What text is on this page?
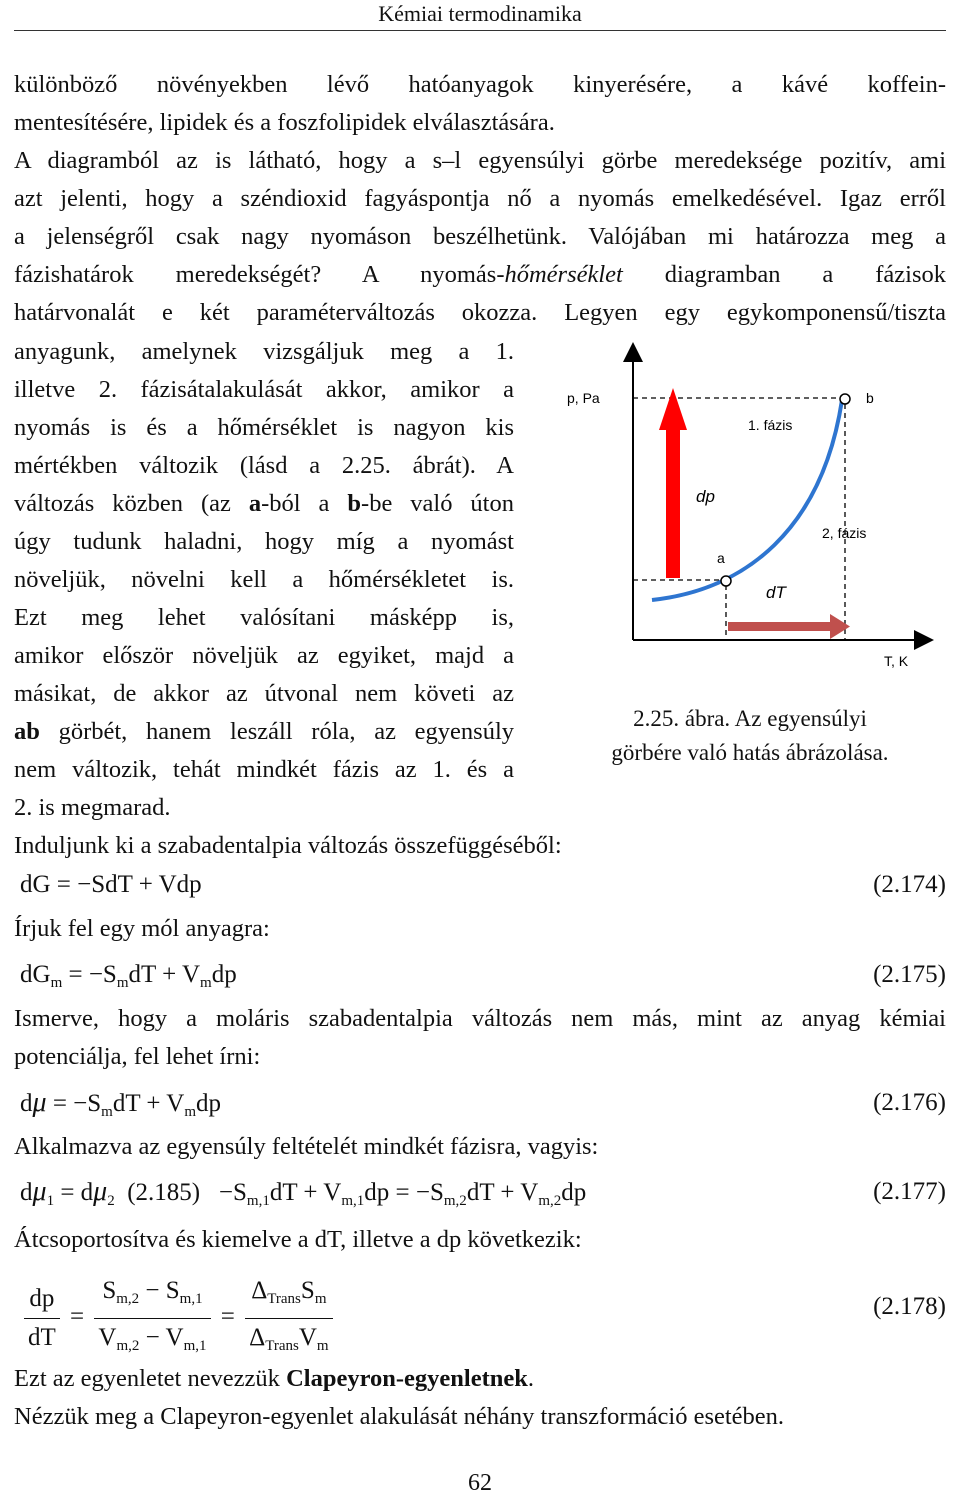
Kémiai termodinamika
különböző növényekben lévő hatóanyagok kinyerésére, a kávé koffein-
mentesítésére, lipidek és a foszfolipidek elválasztására.
A diagramból az is látható, hogy a s–l egyensúlyi görbe meredeksége pozitív, ami
azt jelenti, hogy a széndioxid fagyáspontja nő a nyomás emelkedésével. Igaz erről
a jelenségről csak nagy nyomáson beszélhetünk. Valójában mi határozza meg a
fázishatárok meredekségét? A nyomás-hőmérséklet diagramban a fázisok
határvonalát e két paraméterváltozás okozza. Legyen egy egykomponensű/tiszta
anyagunk, amelynek vizsgáljuk meg a 1.
illetve 2. fázisátalakulását akkor, amikor a
nyomás is és a hőmérséklet is nagyon kis
mértékben változik (lásd a 2.25. ábrát). A
változás közben (az a-ból a b-be való úton
úgy tudunk haladni, hogy míg a nyomást
növeljük, növelni kell a hőmérsékletet is.
Ezt meg lehet valósítani másképp is,
amikor először növeljük az egyiket, majd a
másikat, de akkor az útvonal nem követi az
ab görbét, hanem leszáll róla, az egyensúly
nem változik, tehát mindkét fázis az 1. és a
2. is megmarad.
p, Pa
T, K
1. fázis
2, fázis
a
b
dp
dT
2.25. ábra. Az egyensúlyi
görbére való hatás ábrázolása.
Induljunk ki a szabadentalpia változás összefüggéséből:
dG = −SdT + Vdp	(2.174)
Írjuk fel egy mól anyagra:
$dG_m = -S_mdT + V_mdp$	(2.175)
Ismerve, hogy a moláris szabadentalpia változás nem más, mint az anyag kémiai
potenciálja, fel lehet írni:
$d\mu = -S_mdT + V_mdp$	(2.176)
Alkalmazva az egyensúly feltételét mindkét fázisra, vagyis:
$d\mu_1 = d\mu_2$ $(2.185) -S_{m,1}dT + V_{m,1}dp = -S_{m,2}dT + V_{m,2}dp$	(2.177)
Átcsoportosítva és kiemelve a dT, illetve a dp következik:
$\frac{dp}{dT} = \frac{S_{m,2} - S_{m,1}}{V_{m,2} - V_{m,1}} = \frac{\Delta_{Trans}S_m}{\Delta_{Trans}V_m}$	(2.178)
Ezt az egyenletet nevezzük Clapeyron-egyenletnek.
Nézzük meg a Clapeyron-egyenlet alakulását néhány transzformáció esetében.
62
